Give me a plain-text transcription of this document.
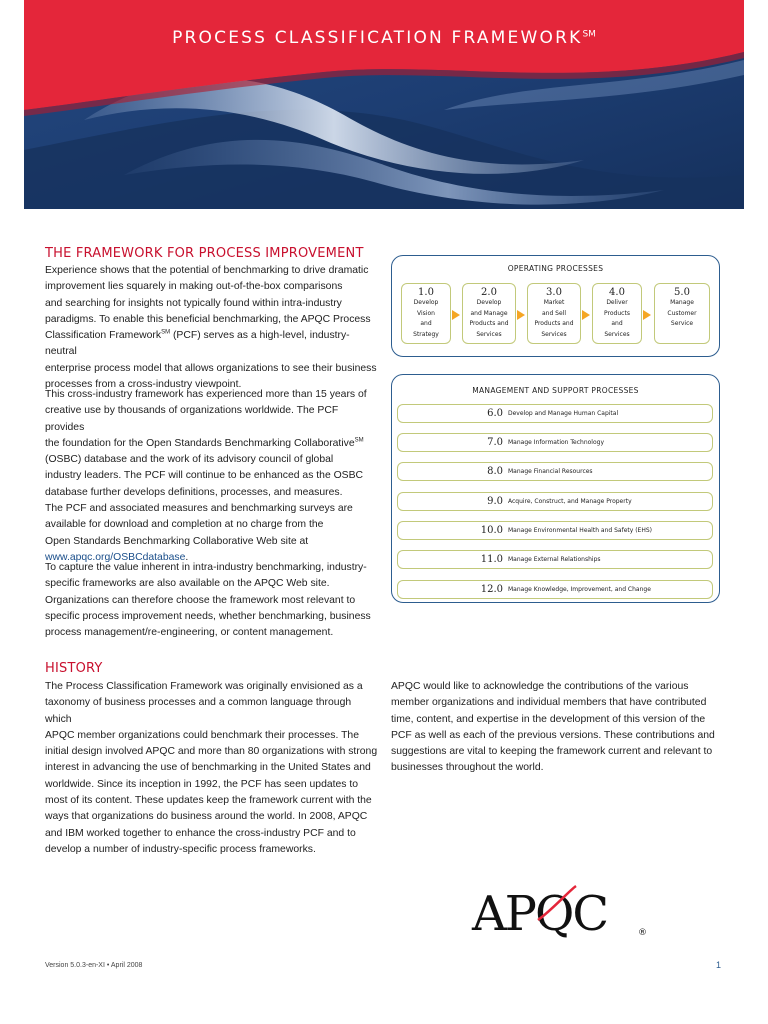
PROCESS CLASSIFICATION FRAMEWORK℠
THE FRAMEWORK FOR PROCESS IMPROVEMENT

Experience shows that the potential of benchmarking to drive dramatic
improvement lies squarely in making out-of-the-box comparisons
and searching for insights not typically found within intra-industry
paradigms. To enable this beneficial benchmarking, the APQC Process
Classification Framework℠ (PCF) serves as a high-level, industry-neutral
enterprise process model that allows organizations to see their business
processes from a cross-industry viewpoint.

This cross-industry framework has experienced more than 15 years of
creative use by thousands of organizations worldwide. The PCF provides
the foundation for the Open Standards Benchmarking Collaborative℠
(OSBC) database and the work of its advisory council of global
industry leaders. The PCF will continue to be enhanced as the OSBC
database further develops definitions, processes, and measures.
The PCF and associated measures and benchmarking surveys are
available for download and completion at no charge from the
Open Standards Benchmarking Collaborative Web site at
www.apqc.org/OSBCdatabase.

To capture the value inherent in intra-industry benchmarking, industry-
specific frameworks are also available on the APQC Web site.
Organizations can therefore choose the framework most relevant to
specific process improvement needs, whether benchmarking, business
process management/re-engineering, or content management.

OPERATING PROCESSES

1.0
Develop
Vision
and
Strategy
2.0
Develop
and Manage
Products and
Services
3.0
Market
and Sell
Products and
Services
4.0
Deliver
Products
and
Services
5.0
Manage
Customer
Service

MANAGEMENT AND SUPPORT PROCESSES

6.0 Develop and Manage Human Capital
7.0 Manage Information Technology
8.0 Manage Financial Resources
9.0 Acquire, Construct, and Manage Property
10.0 Manage Environmental Health and Safety (EHS)
11.0 Manage External Relationships
12.0 Manage Knowledge, Improvement, and Change
HISTORY

The Process Classification Framework was originally envisioned as a
taxonomy of business processes and a common language through which
APQC member organizations could benchmark their processes. The
initial design involved APQC and more than 80 organizations with strong
interest in advancing the use of benchmarking in the United States and
worldwide. Since its inception in 1992, the PCF has seen updates to
most of its content. These updates keep the framework current with the
ways that organizations do business around the world. In 2008, APQC
and IBM worked together to enhance the cross-industry PCF and to
develop a number of industry-specific process frameworks.

APQC would like to acknowledge the contributions of the various
member organizations and individual members that have contributed
time, content, and expertise in the development of this version of the
PCF as well as each of the previous versions. These contributions and
suggestions are vital to keeping the framework current and relevant to
businesses throughout the world.

APQC	®

Version 5.0.3-en-XI • April 2008	1
